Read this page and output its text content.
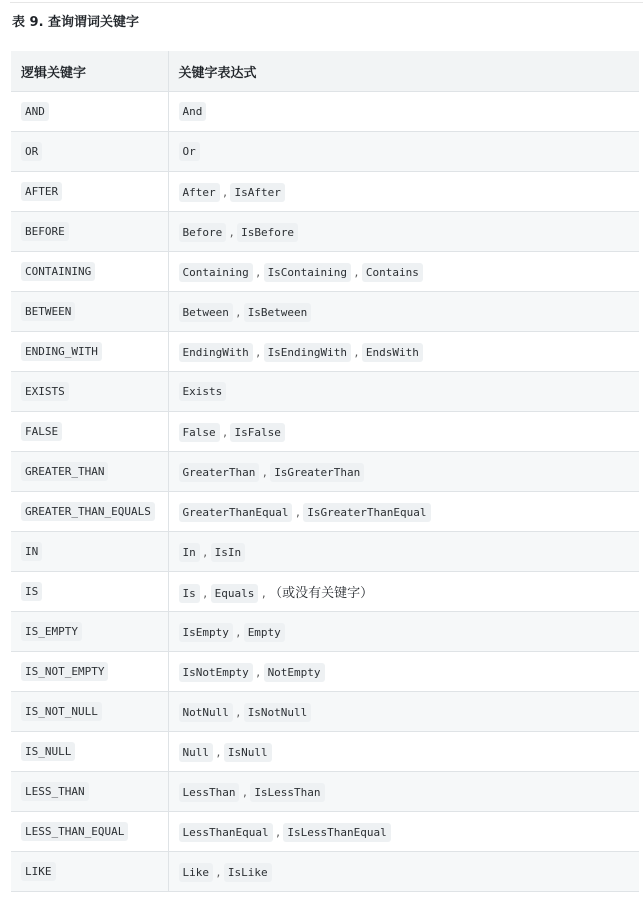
表 9. 查询谓词关键字
逻辑关键字	关键字表达式
AND	And
OR	Or
AFTER	After , IsAfter
BEFORE	Before , IsBefore
CONTAINING	Containing , IsContaining , Contains
BETWEEN	Between , IsBetween
ENDING_WITH	EndingWith , IsEndingWith , EndsWith
EXISTS	Exists
FALSE	False , IsFalse
GREATER_THAN	GreaterThan , IsGreaterThan
GREATER_THAN_EQUALS	GreaterThanEqual , IsGreaterThanEqual
IN	In , IsIn
IS	Is , Equals , （或没有关键字）
IS_EMPTY	IsEmpty , Empty
IS_NOT_EMPTY	IsNotEmpty , NotEmpty
IS_NOT_NULL	NotNull , IsNotNull
IS_NULL	Null , IsNull
LESS_THAN	LessThan , IsLessThan
LESS_THAN_EQUAL	LessThanEqual , IsLessThanEqual
LIKE	Like , IsLike
